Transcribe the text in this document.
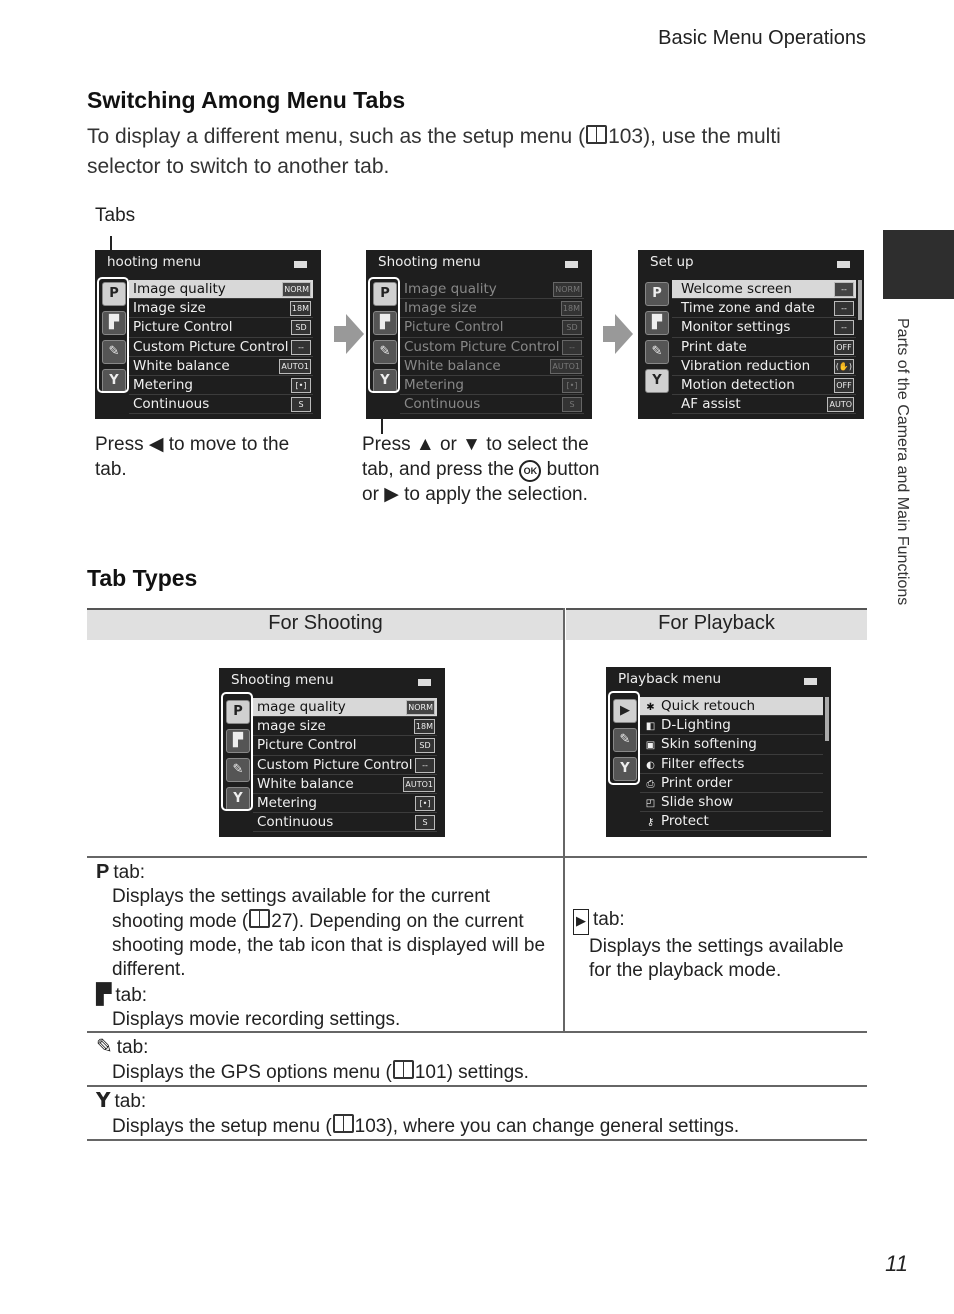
Basic Menu Operations
Switching Among Menu Tabs
To display a different menu, such as the setup menu ( 103), use the multi selector to switch to another tab.
Tabs
hooting menu
P
▛
✎
Y
Image quality	NORM
Image size	18M
Picture Control	SD
Custom Picture Control	--
White balance	AUTO1
Metering	[•]
Continuous	S
Shooting menu
P
▛
✎
Y
Image quality	NORM
Image size	18M
Picture Control	SD
Custom Picture Control	--
White balance	AUTO1
Metering	[•]
Continuous	S
Set up
P
▛
✎
Y
Welcome screen	--
Time zone and date	--
Monitor settings	--
Print date	OFF
Vibration reduction	(✋)
Motion detection	OFF
AF assist	AUTO
Press ◀ to move to the tab.
Press ▲ or ▼ to select the tab, and press the OK button or ▶ to apply the selection.
Tab Types
For Shooting	For Playback
Shooting menu
P
▛
✎
Y
mage quality	NORM
mage size	18M
Picture Control	SD
Custom Picture Control	--
White balance	AUTO1
Metering	[•]
Continuous	S
Playback menu
▶
✎
Y
✱ Quick retouch
◧ D-Lighting
▣ Skin softening
◐ Filter effects
⎙ Print order
◰ Slide show
⚷ Protect
P tab:
Displays the settings available for the current shooting mode ( 27). Depending on the current shooting mode, the tab icon that is displayed will be different.
▛ tab:
Displays movie recording settings.
▶ tab:
Displays the settings available for the playback mode.
✎ tab:
Displays the GPS options menu ( 101) settings.
Y tab:
Displays the setup menu ( 103), where you can change general settings.
Parts of the Camera and Main Functions
11
